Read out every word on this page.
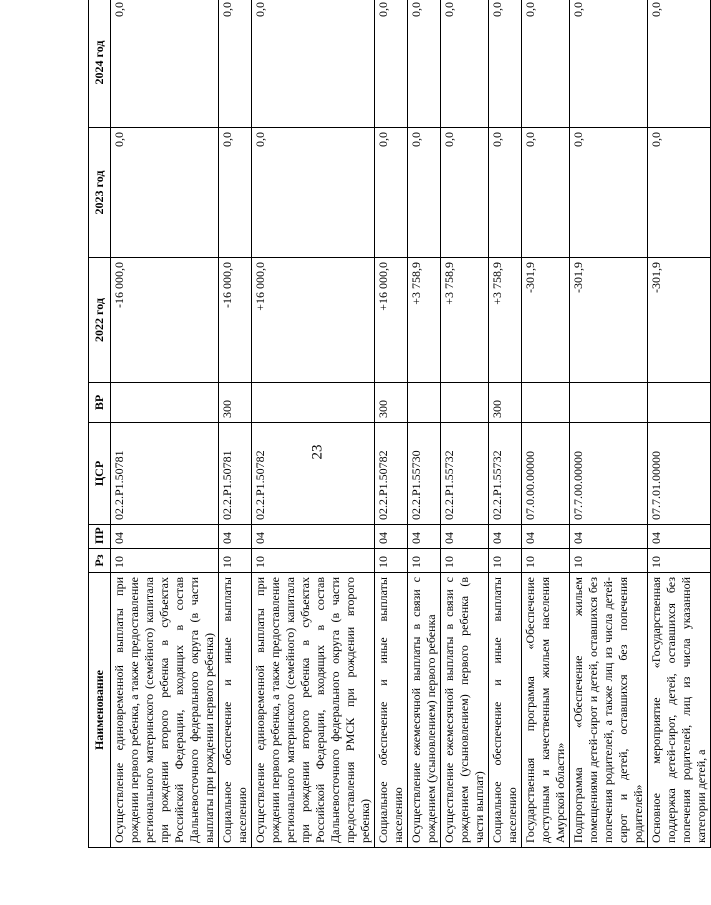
23
Наименование	Рз	ПР	ЦСР	ВР	2022 год	2023 год	2024 год
Осуществление единовременной выплаты при рождении первого ребенка, а также предоставление регионального материнского (семейного) капитала при рождении второго ребенка в субъектах Российской Федерации, входящих в состав Дальневосточного федерального округа (в части выплаты при рождении первого ребенка)	10	04	02.2.P1.50781		-16 000,0	0,0	0,0

Социальное обеспечение и иные выплаты населению	10	04	02.2.P1.50781	300	-16 000,0	0,0	0,0

Осуществление единовременной выплаты при рождении первого ребенка, а также предоставление регионального материнского (семейного) капитала при рождении второго ребенка в субъектах Российской Федерации, входящих в состав Дальневосточного федерального округа (в части предоставления РМСК при рождении второго ребенка)	10	04	02.2.P1.50782		+16 000,0	0,0	0,0

Социальное обеспечение и иные выплаты населению	10	04	02.2.P1.50782	300	+16 000,0	0,0	0,0

Осуществление ежемесячной выплаты в связи с рождением (усыновлением) первого ребенка	10	04	02.2.P1.55730		+3 758,9	0,0	0,0

Осуществление ежемесячной выплаты в связи с рождением (усыновлением) первого ребенка (в части выплат)	10	04	02.2.P1.55732		+3 758,9	0,0	0,0

Социальное обеспечение и иные выплаты населению	10	04	02.2.P1.55732	300	+3 758,9	0,0	0,0

Государственная программа «Обеспечение доступным и качественным жильем населения Амурской области»	10	04	07.0.00.00000		-301,9	0,0	0,0

Подпрограмма «Обеспечение жильем помещениями детей-сирот и детей, оставшихся без попечения родителей, а также лиц из числа детей-сирот и детей, оставшихся без попечения родителей»	10	04	07.7.00.00000		-301,9	0,0	0,0

Основное мероприятие «Государственная поддержка детей-сирот, детей, оставшихся без попечения родителей, лиц из числа указанной категории детей, а	10	04	07.7.01.00000		-301,9	0,0	0,0
